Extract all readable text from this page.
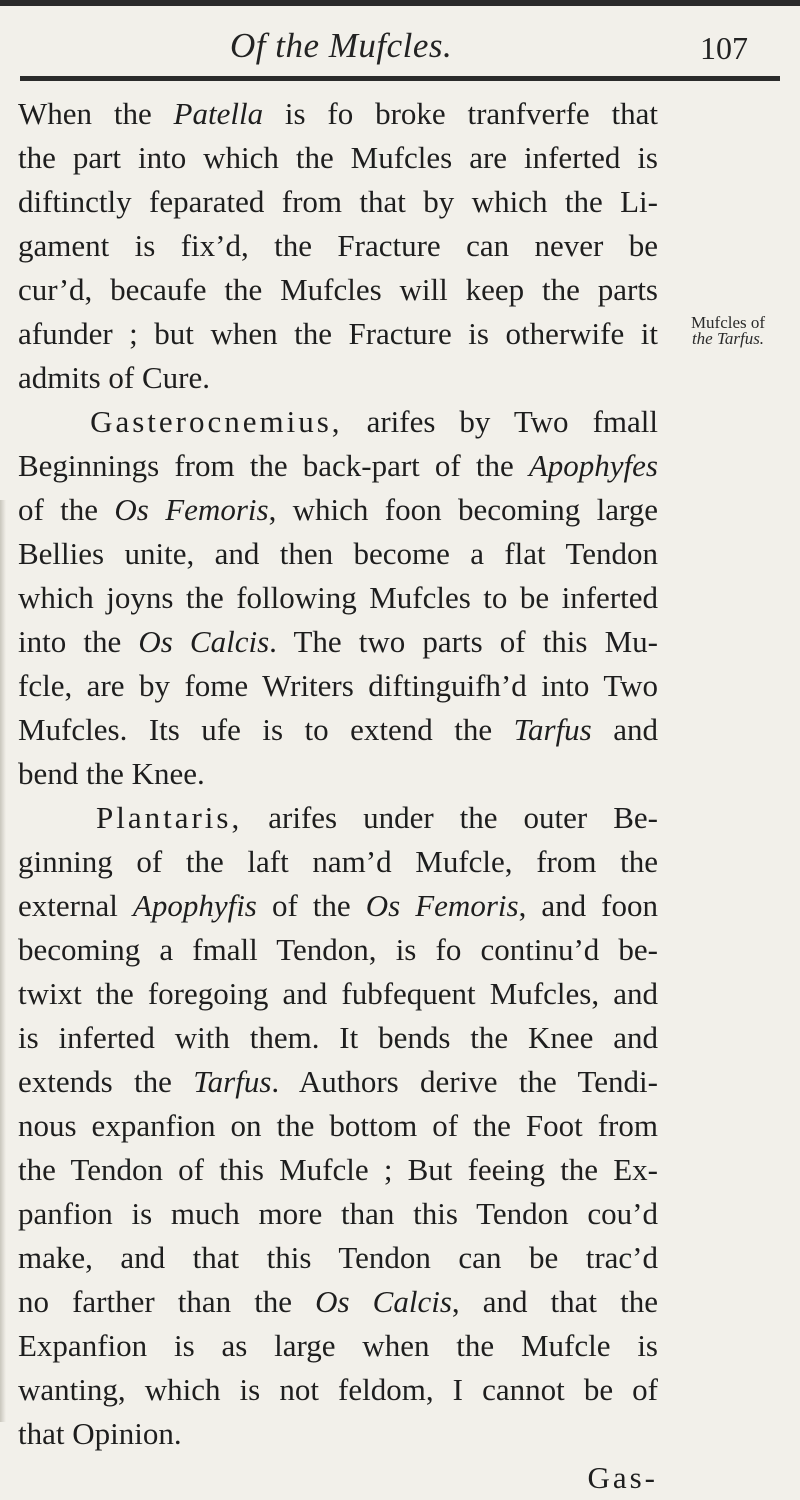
Of the Mufcles.	107
Mufcles of
the Tarfus.
When the Patella is fo broke tranfverfe that
the part into which the Mufcles are inferted is
diftinctly feparated from that by which the Li-
gament is fix’d, the Fracture can never be
cur’d, becaufe the Mufcles will keep the parts
afunder ; but when the Fracture is otherwife it
admits of Cure.
Gasterocnemius, arifes by Two fmall
Beginnings from the back-part of the Apophyfes
of the Os Femoris, which foon becoming large
Bellies unite, and then become a flat Tendon
which joyns the following Mufcles to be inferted
into the Os Calcis. The two parts of this Mu-
fcle, are by fome Writers diftinguifh’d into Two
Mufcles. Its ufe is to extend the Tarfus and
bend the Knee.
Plantaris, arifes under the outer Be-
ginning of the laft nam’d Mufcle, from the
external Apophyfis of the Os Femoris, and foon
becoming a fmall Tendon, is fo continu’d be-
twixt the foregoing and fubfequent Mufcles, and
is inferted with them. It bends the Knee and
extends the Tarfus. Authors derive the Tendi-
nous expanfion on the bottom of the Foot from
the Tendon of this Mufcle ; But feeing the Ex-
panfion is much more than this Tendon cou’d
make, and that this Tendon can be trac’d
no farther than the Os Calcis, and that the
Expanfion is as large when the Mufcle is
wanting, which is not feldom, I cannot be of
that Opinion.
Gas-
